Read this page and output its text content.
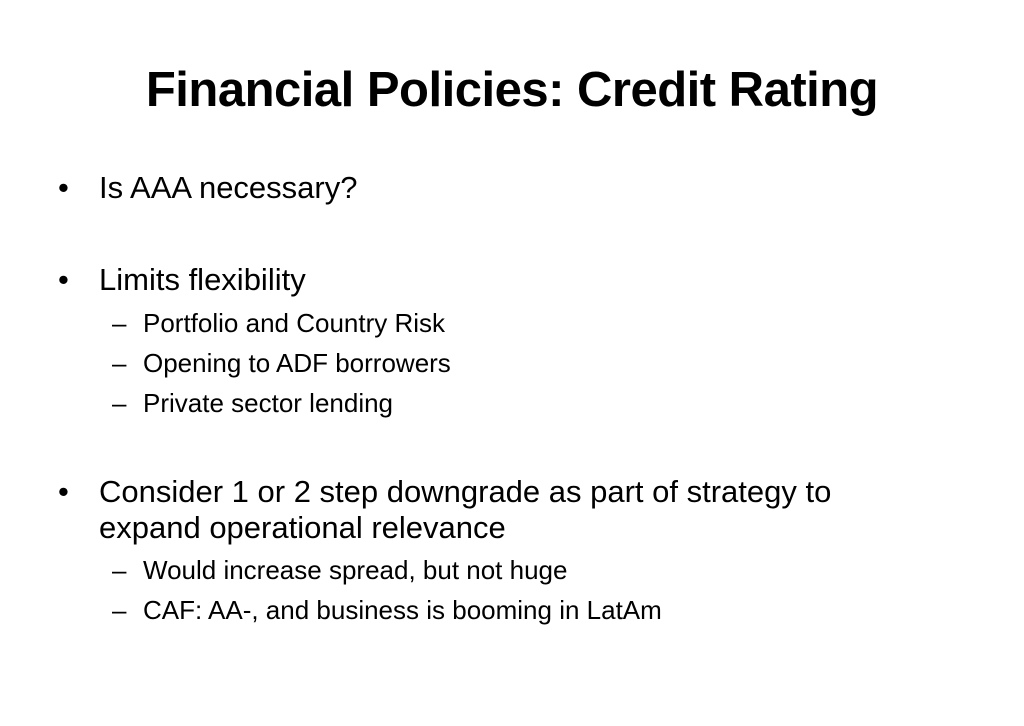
Financial Policies: Credit Rating
• Is AAA necessary?
• Limits flexibility
– Portfolio and Country Risk
– Opening to ADF borrowers
– Private sector lending
• Consider 1 or 2 step downgrade as part of strategy to expand operational relevance
– Would increase spread, but not huge
– CAF: AA-, and business is booming in LatAm
